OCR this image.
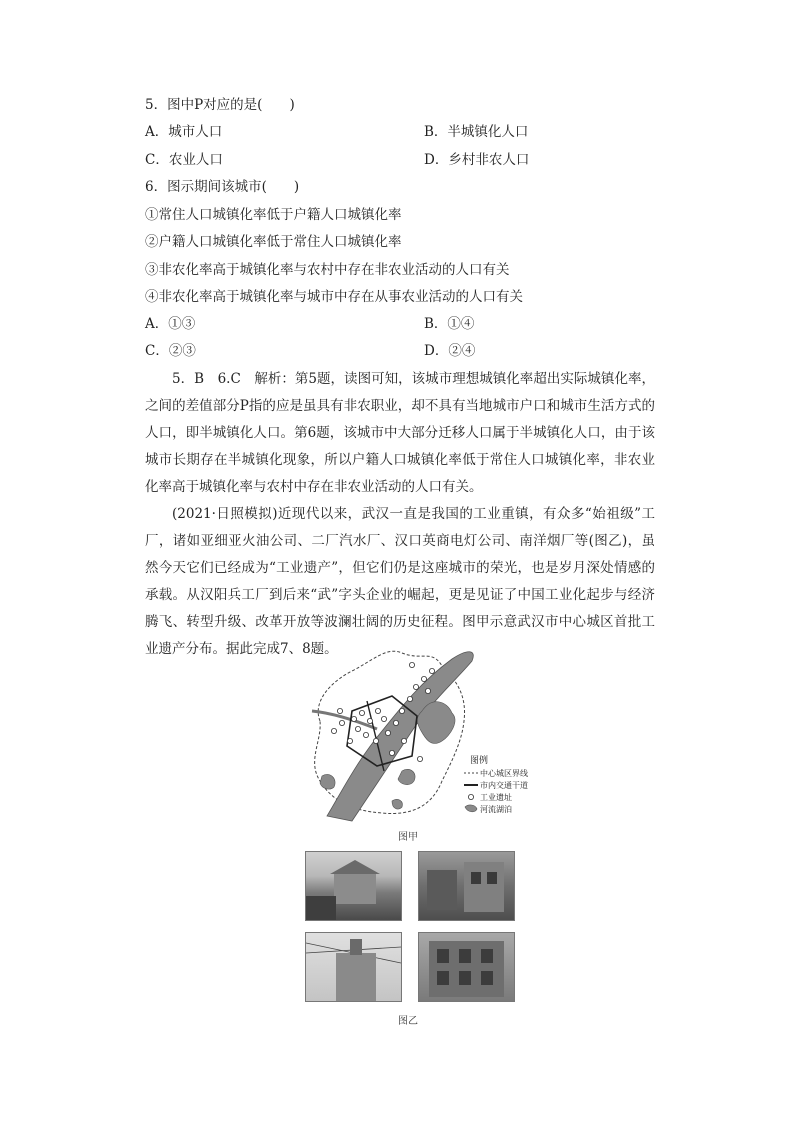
5．图中P对应的是(　　)
A．城市人口	B．半城镇化人口
C．农业人口	D．乡村非农人口
6．图示期间该城市(　　)
①常住人口城镇化率低于户籍人口城镇化率
②户籍人口城镇化率低于常住人口城镇化率
③非农化率高于城镇化率与农村中存在非农业活动的人口有关
④非农化率高于城镇化率与城市中存在从事农业活动的人口有关
A．①③	B．①④
C．②③	D．②④
5．B　6.C　解析：第5题，读图可知，该城市理想城镇化率超出实际城镇化率，之间的差值部分P指的应是虽具有非农职业，却不具有当地城市户口和城市生活方式的人口，即半城镇化人口。第6题，该城市中大部分迁移人口属于半城镇化人口，由于该城市长期存在半城镇化现象，所以户籍人口城镇化率低于常住人口城镇化率，非农业化率高于城镇化率与农村中存在非农业活动的人口有关。
(2021·日照模拟)近现代以来，武汉一直是我国的工业重镇，有众多“始祖级”工厂，诸如亚细亚火油公司、二厂汽水厂、汉口英商电灯公司、南洋烟厂等(图乙)，虽然今天它们已经成为“工业遗产”，但它们仍是这座城市的荣光，也是岁月深处情感的承载。从汉阳兵工厂到后来“武”字头企业的崛起，更是见证了中国工业化起步与经济腾飞、转型升级、改革开放等波澜壮阔的历史征程。图甲示意武汉市中心城区首批工业遗产分布。据此完成7、8题。
图例
中心城区界线
市内交通干道
工业遗址
河流湖泊
图甲
图乙
